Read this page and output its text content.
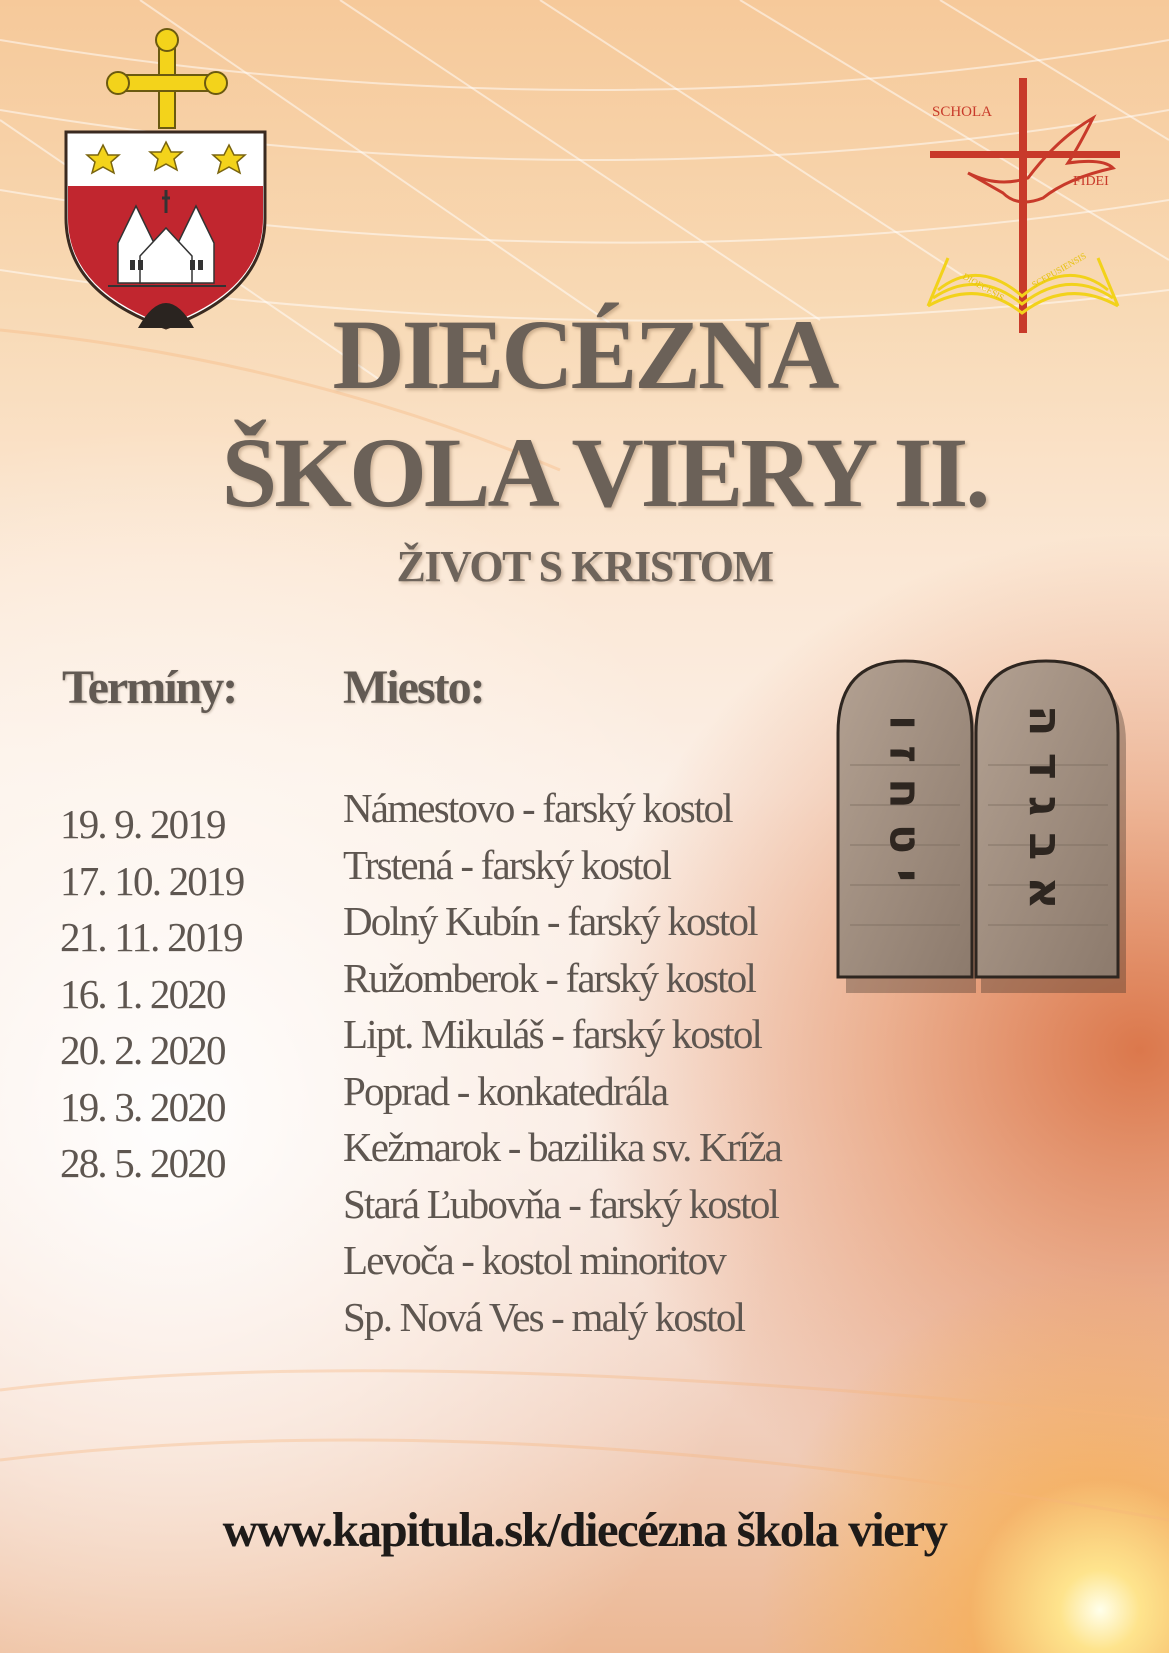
SCHOLA
FIDEI
DIOECESIS	SCEPUSIENSIS
DIECÉZNA
ŠKOLA VIERY II.
ŽIVOT S KRISTOM
Termíny: Miesto:
19. 9. 2019
17. 10. 2019
21. 11. 2019
16. 1. 2020
20. 2. 2020
19. 3. 2020
28. 5. 2020
Námestovo - farský kostol
Trstená - farský kostol
Dolný Kubín - farský kostol
Ružomberok - farský kostol
Lipt. Mikuláš - farský kostol
Poprad - konkatedrála
Kežmarok - bazilika sv. Kríža
Stará Ľubovňa - farský kostol
Levoča - kostol minoritov
Sp. Nová Ves - malý kostol
י ט ח ז ו א ב ג ד ה
www.kapitula.sk/diecézna škola viery
